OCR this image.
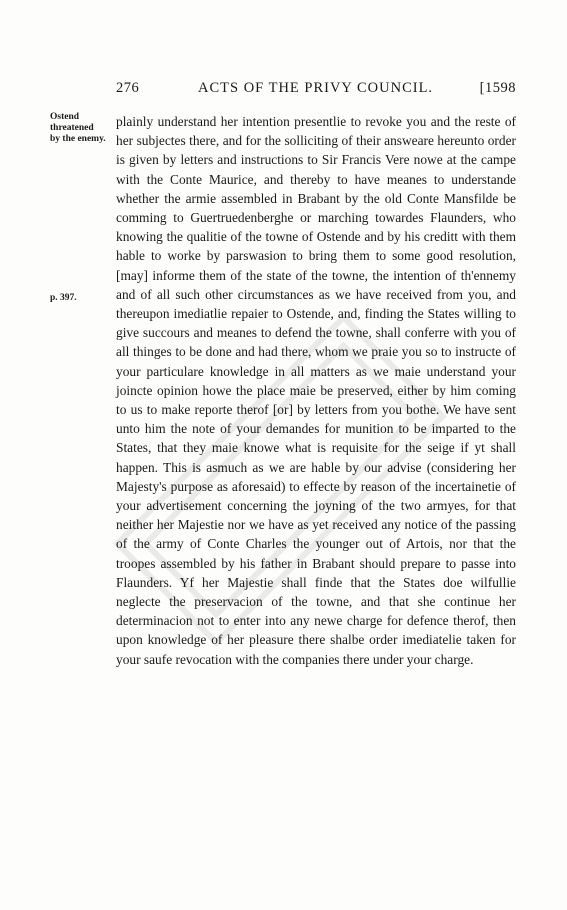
276	ACTS OF THE PRIVY COUNCIL.	[1598
Ostend
threatened
by the enemy.
p. 397.

plainly understand her intention presentlie to revoke you and the reste of her subjectes there, and for the solliciting of their answeare hereunto order is given by letters and instructions to Sir Francis Vere nowe at the campe with the Conte Maurice, and thereby to have meanes to understande whether the armie assembled in Brabant by the old Conte Mansfilde be comming to Guertruedenberghe or marching towardes Flaunders, who knowing the qualitie of the towne of Ostende and by his creditt with them hable to worke by parswasion to bring them to some good resolution, [may] informe them of the state of the towne, the intention of th'ennemy and of all such other circumstances as we have received from you, and thereupon imediatlie repaier to Ostende, and, finding the States willing to give succours and meanes to defend the towne, shall conferre with you of all thinges to be done and had there, whom we praie you so to instructe of your particulare knowledge in all matters as we maie understand your joincte opinion howe the place maie be preserved, either by him coming to us to make reporte therof [or] by letters from you bothe. We have sent unto him the note of your demandes for munition to be imparted to the States, that they maie knowe what is requisite for the seige if yt shall happen. This is asmuch as we are hable by our advise (considering her Majesty's purpose as aforesaid) to effecte by reason of the incertainetie of your advertisement concerning the joyning of the two armyes, for that neither her Majestie nor we have as yet received any notice of the passing of the army of Conte Charles the younger out of Artois, nor that the troopes assembled by his father in Brabant should prepare to passe into Flaunders. Yf her Majestie shall finde that the States doe wilfullie neglecte the preservacion of the towne, and that she continue her determinacion not to enter into any newe charge for defence therof, then upon knowledge of her pleasure there shalbe order imediatelie taken for your saufe revocation with the companies there under your charge.
